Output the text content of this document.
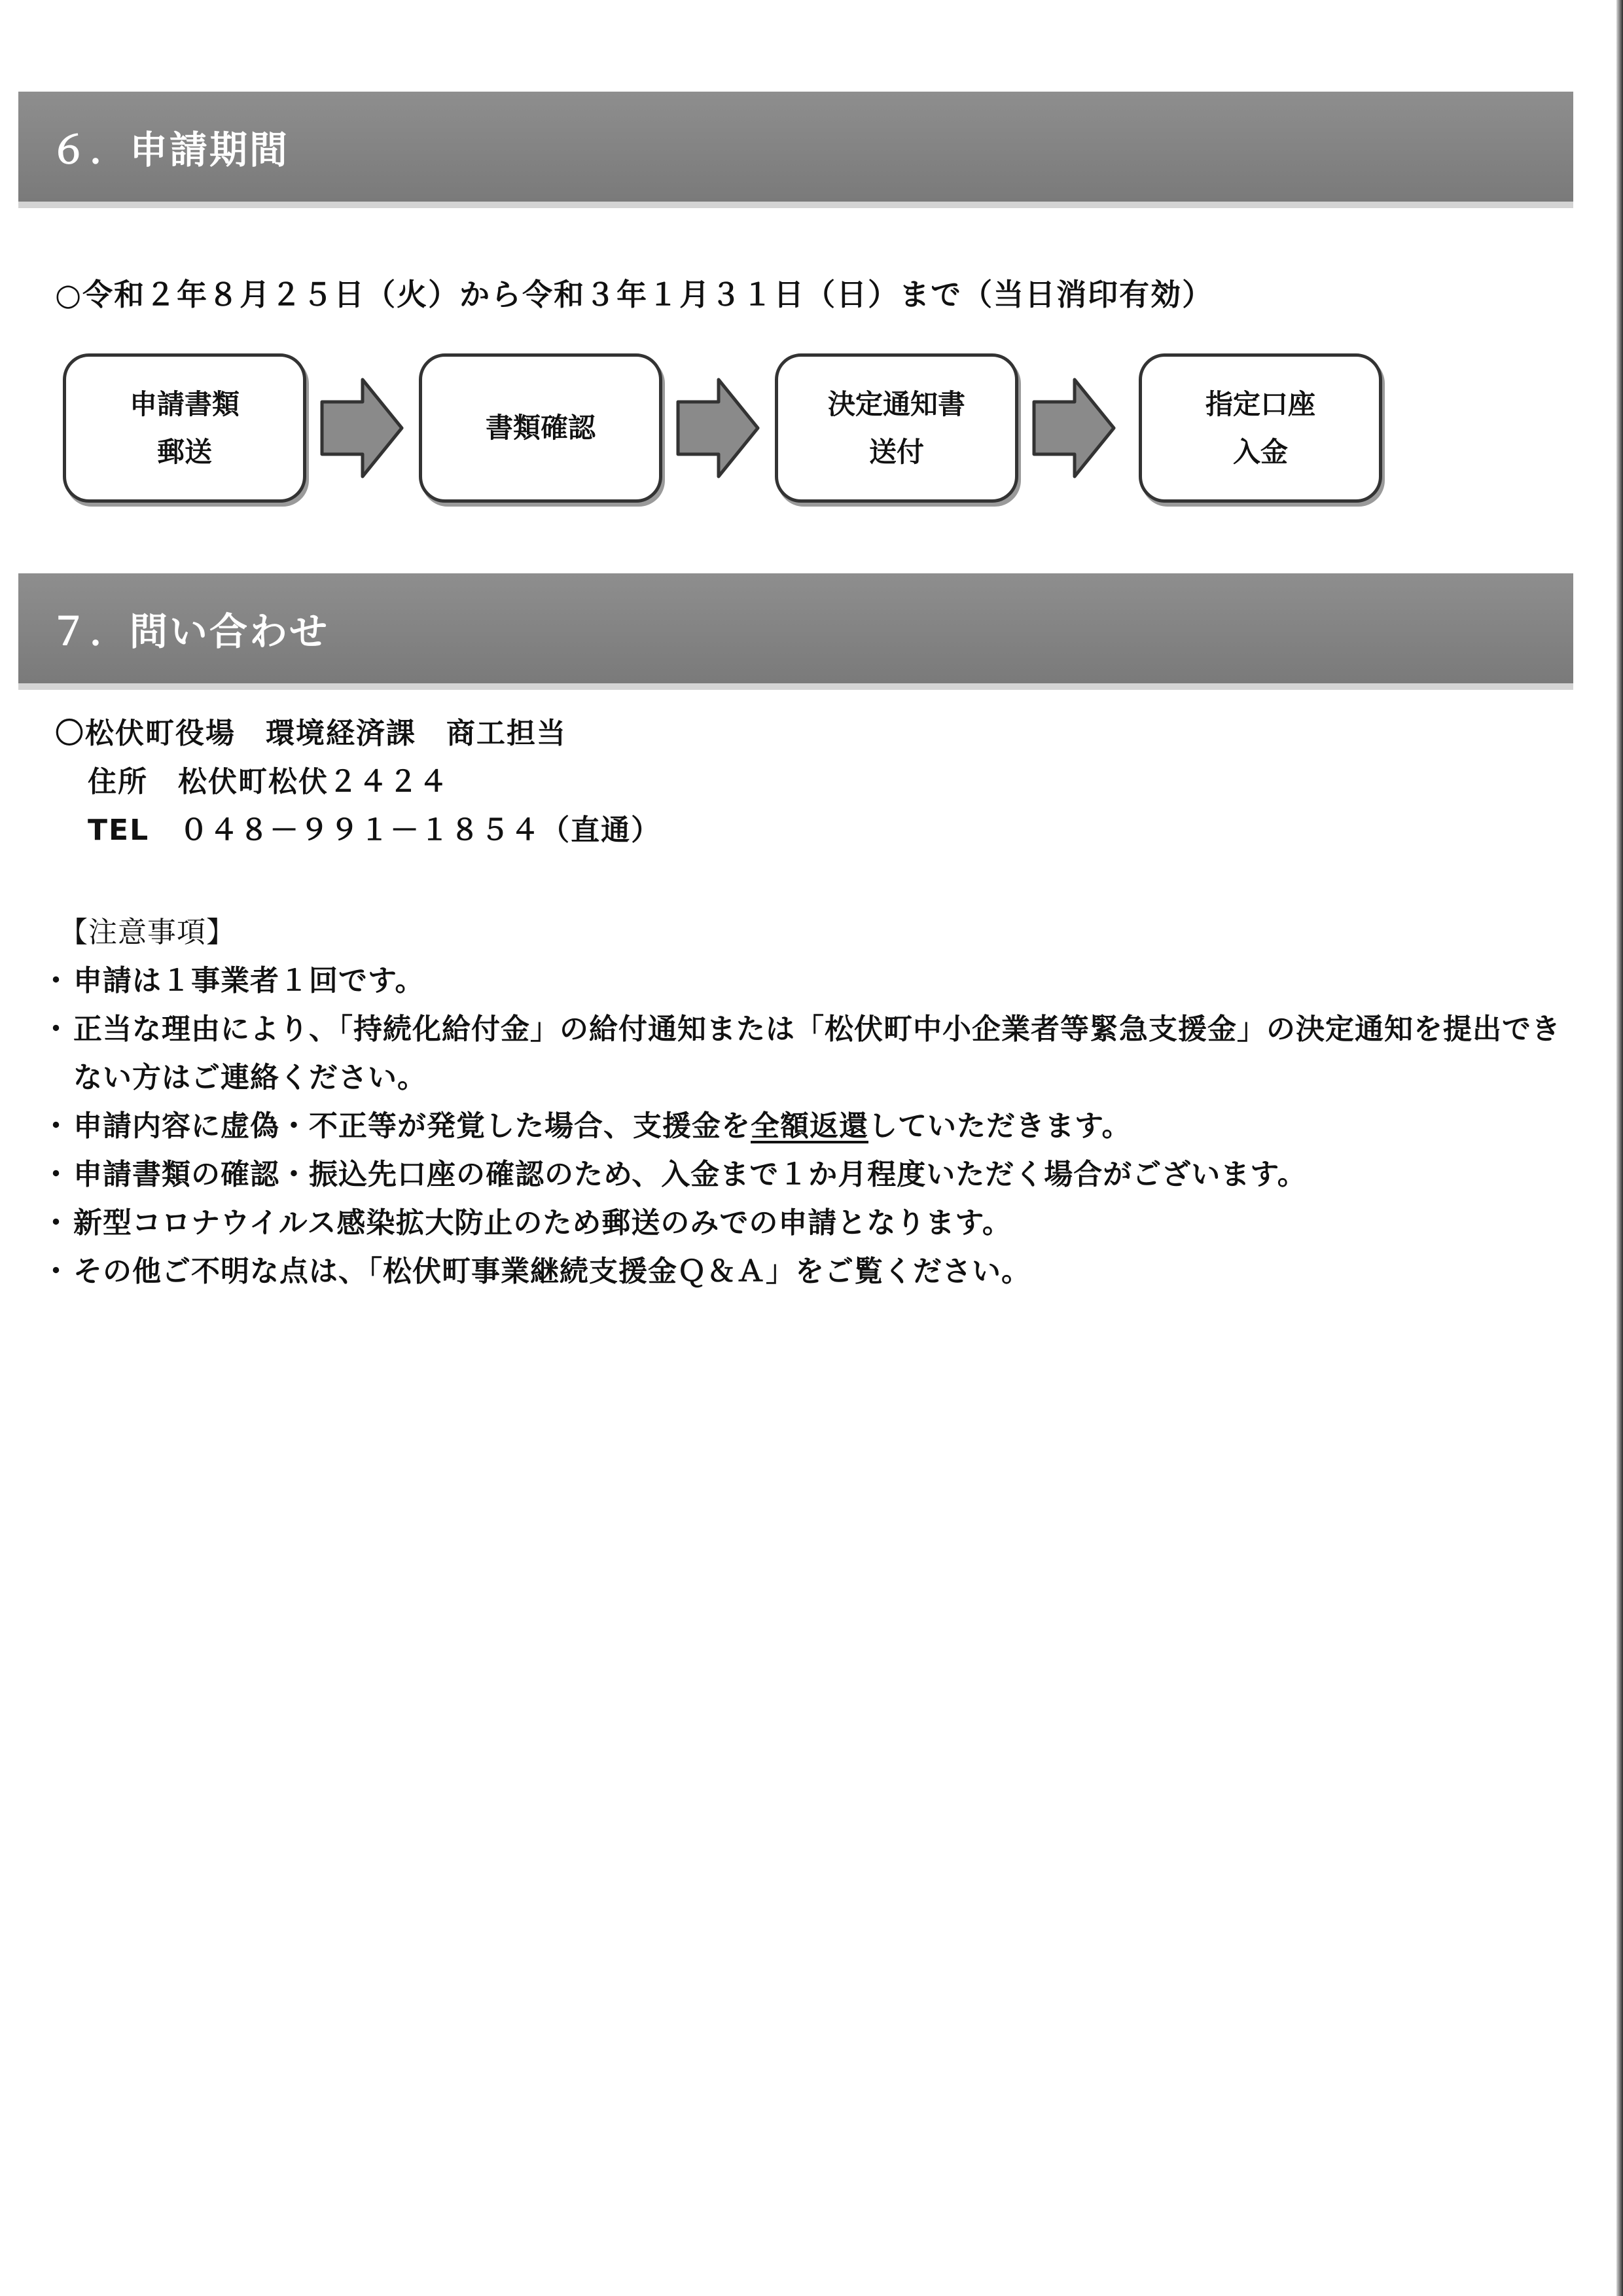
６．申請期間
○令和２年８月２５日（火）から令和３年１月３１日（日）まで（当日消印有効）
申請書類
郵送
書類確認
決定通知書
送付
指定口座
入金
７．問い合わせ
〇松伏町役場　環境経済課　商工担当
住所　松伏町松伏２４２４
TEL　０４８－９９１－１８５４（直通）
【注意事項】
・申請は１事業者１回です。
・正当な理由により、「持続化給付金」の給付通知または「松伏町中小企業者等緊急支援金」の決定通知を提出できない方はご連絡ください。
・申請内容に虚偽・不正等が発覚した場合、支援金を全額返還していただきます。
・申請書類の確認・振込先口座の確認のため、入金まで１か月程度いただく場合がございます。
・新型コロナウイルス感染拡大防止のため郵送のみでの申請となります。
・その他ご不明な点は、「松伏町事業継続支援金Ｑ＆Ａ」をご覧ください。
